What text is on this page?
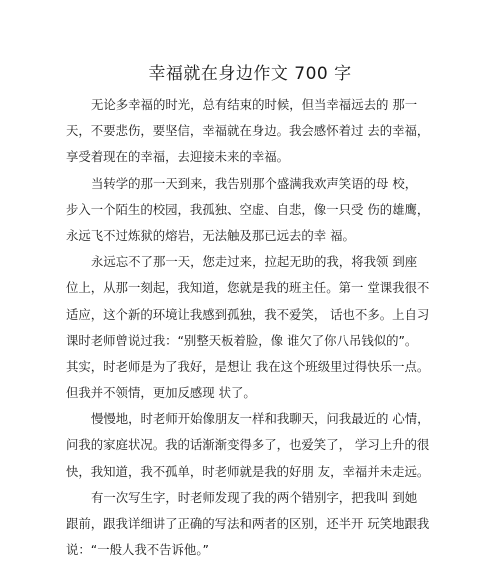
幸福就在身边作文 700 字
无论多幸福的时光，总有结束的时候，但当幸福远去的 那一
天，不要悲伤，要坚信，幸福就在身边。我会感怀着过 去的幸福，
享受着现在的幸福，去迎接未来的幸福。
当转学的那一天到来，我告别那个盛满我欢声笑语的母 校，
步入一个陌生的校园，我孤独、空虚、自悲，像一只受 伤的雄鹰，
永远飞不过炼狱的熔岩，无法触及那已远去的幸 福。
永远忘不了那一天，您走过来，拉起无助的我，将我领 到座
位上，从那一刻起，我知道，您就是我的班主任。第一 堂课我很不
适应，这个新的环境让我感到孤独，我不爱笑， 话也不多。上自习
课时老师曾说过我：“别整天板着脸，像 谁欠了你八吊钱似的”。
其实，时老师是为了我好，是想让 我在这个班级里过得快乐一点。
但我并不领情，更加反感现 状了。
慢慢地，时老师开始像朋友一样和我聊天，问我最近的 心情，
问我的家庭状况。我的话渐渐变得多了，也爱笑了， 学习上升的很
快，我知道，我不孤单，时老师就是我的好朋 友，幸福并未走远。
有一次写生字，时老师发现了我的两个错别字，把我叫 到她
跟前，跟我详细讲了正确的写法和两者的区别，还半开 玩笑地跟我
说：“一般人我不告诉他。”
